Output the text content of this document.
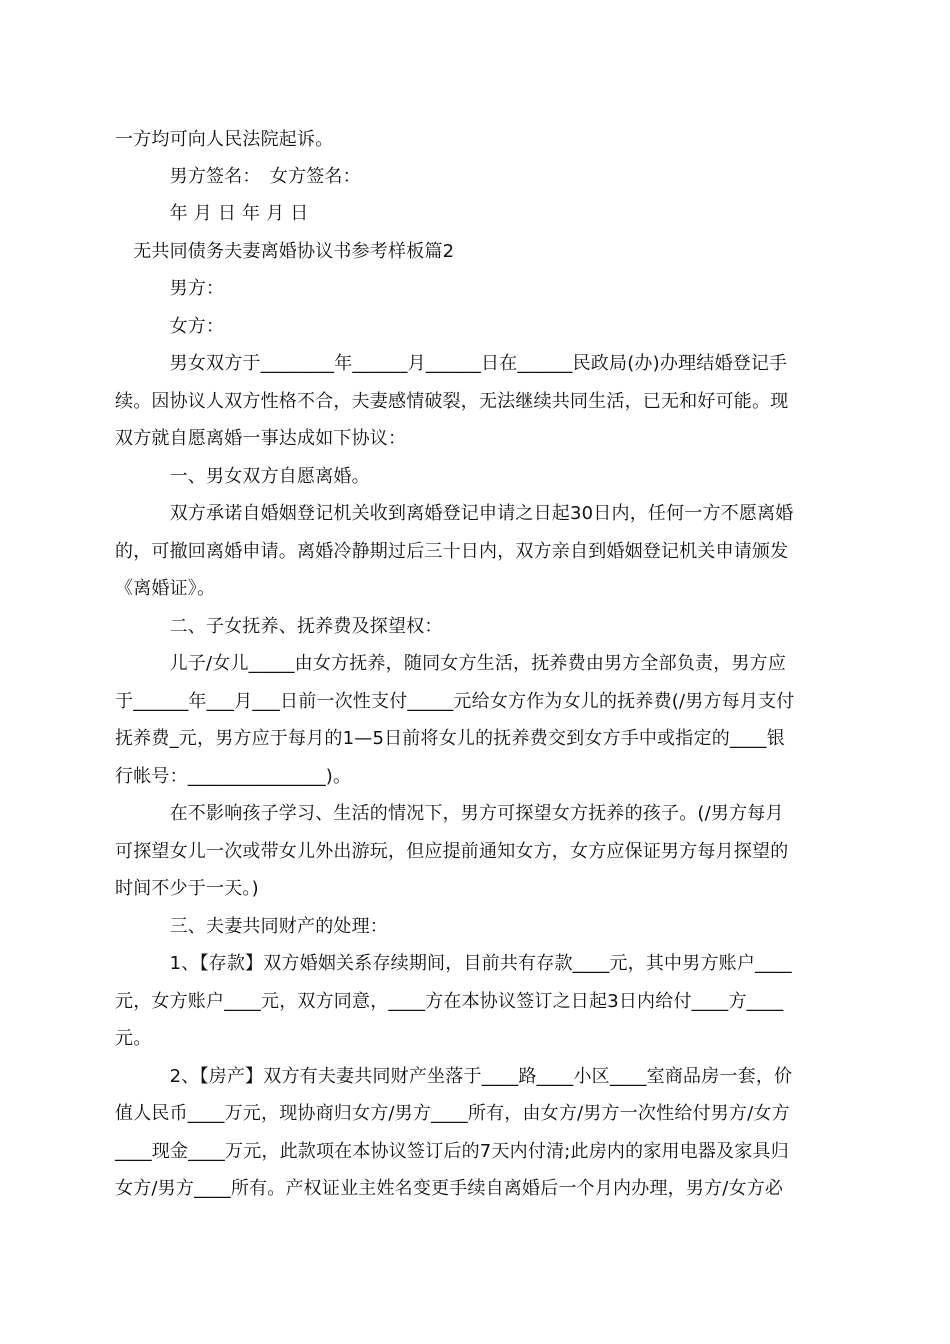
一方均可向人民法院起诉。
　　　男方签名：　女方签名：
　　　年 月 日 年 月 日
　无共同债务夫妻离婚协议书参考样板篇2
　　　男方：
　　　女方：
　　　男女双方于________年______月______日在______民政局(办)办理结婚登记手
续。因协议人双方性格不合，夫妻感情破裂，无法继续共同生活，已无和好可能。现
双方就自愿离婚一事达成如下协议：
　　　一、男女双方自愿离婚。
　　　双方承诺自婚姻登记机关收到离婚登记申请之日起30日内，任何一方不愿离婚
的，可撤回离婚申请。离婚冷静期过后三十日内，双方亲自到婚姻登记机关申请颁发
《离婚证》。
　　　二、子女抚养、抚养费及探望权：
　　　儿子/女儿_____由女方抚养，随同女方生活，抚养费由男方全部负责，男方应
于______年___月___日前一次性支付_____元给女方作为女儿的抚养费(/男方每月支付
抚养费_元，男方应于每月的1—5日前将女儿的抚养费交到女方手中或指定的____银
行帐号：_______________)。
　　　在不影响孩子学习、生活的情况下，男方可探望女方抚养的孩子。(/男方每月
可探望女儿一次或带女儿外出游玩，但应提前通知女方，女方应保证男方每月探望的
时间不少于一天。)
　　　三、夫妻共同财产的处理：
　　　1、【存款】双方婚姻关系存续期间，目前共有存款____元，其中男方账户____
元，女方账户____元，双方同意，____方在本协议签订之日起3日内给付____方____
元。
　　　2、【房产】双方有夫妻共同财产坐落于____路____小区____室商品房一套，价
值人民币____万元，现协商归女方/男方____所有，由女方/男方一次性给付男方/女方
____现金____万元，此款项在本协议签订后的7天内付清;此房内的家用电器及家具归
女方/男方____所有。产权证业主姓名变更手续自离婚后一个月内办理，男方/女方必
